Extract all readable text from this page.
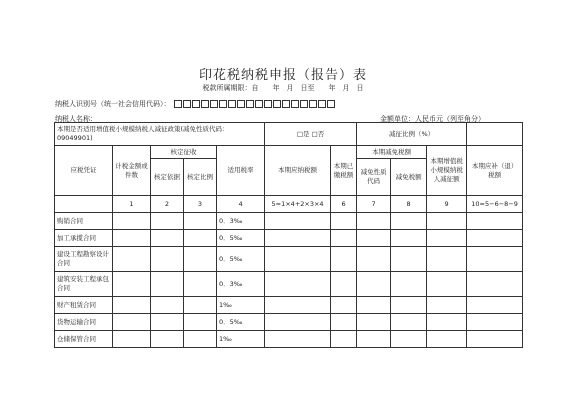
印花税纳税申报（报告）表
税款所属期限：自　　年　月　日至　　年　月　日
纳税人识别号（统一社会信用代码）：
纳税人名称：	金额单位：人民币元（列至角分）
本期是否适用增值税小规模纳税人减征政策(减免性质代码：09049901)					□是 □否		减征比例（%）			
应税凭证	计税金额或件数	核定征收		适用税率	本期应纳税额	本期已缴税额	本期减免税额		本期增值税小规模纳税人减征额	本期应补（退）税额
		核定依据	核定比例				减免性质代码	减免税额		
	1	2	3	4	5=1×4+2×3×4	6	7	8	9	10=5−6−8−9
购销合同				0．3‰						
加工承揽合同				0．5‰						
建设工程勘察设计合同				0．5‰						
建筑安装工程承包合同				0．3‰						
财产租赁合同				1‰						
货物运输合同				0．5‰						
仓储保管合同				1‰						
